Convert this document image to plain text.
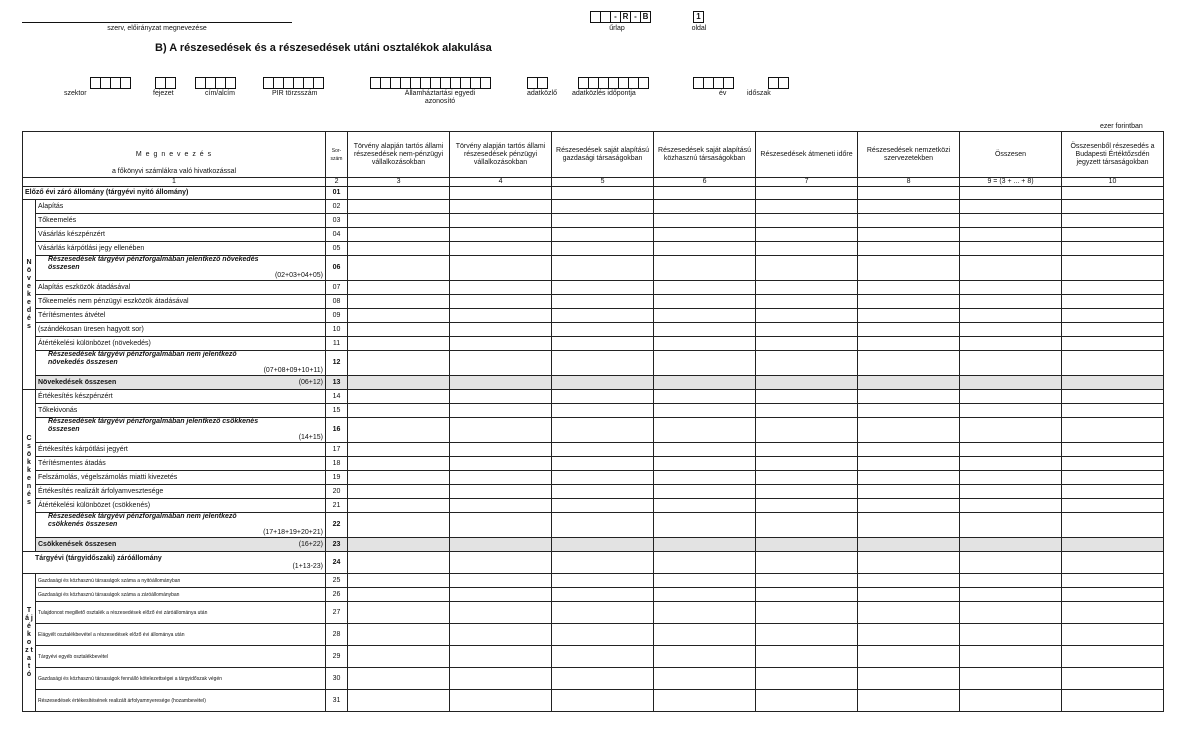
szerv, előirányzat megnevezése
- R - B
űrlap
1
oldal
B) A részesedések és a részesedések utáni osztalékok alakulása
szektor	fejezet	cím/alcím	PIR törzsszám	Államháztartási egyedi azonosító
adatközlő adatközlés időpontja	év	időszak
ezer forintban
M e g n e v e z é s
a főkönyvi számlákra való hivatkozással		Sor-szám	Törvény alapján tartós állami részesedések nem-pénzügyi vállalkozásokban	Törvény alapján tartós állami részesedések pénzügyi vállalkozásokban	Részesedések saját alapítású gazdasági társaságokban	Részesedések saját alapítású közhasznú társaságokban	Részesedések átmeneti időre	Részesedések nemzetközi szervezetekben	Összesen	Összesenből részesedés a Budapesti Értéktőzsdén jegyzett társaságokban

1		2	3	4	5	6	7	8	9 = (3 + ... + 8)	10
Előző évi záró állomány (tárgyévi nyitó állomány)		01								
N ö v e k e d é s	Alapítás	02								
	Tőkeemelés	03								
	Vásárlás készpénzért	04								
	Vásárlás kárpótlási jegy ellenében	05								

	Részesedések tárgyévi pénzforgalmában jelentkező növekedés összesen
(02+03+04+05)	06								
	Alapítás eszközök átadásával	07								
	Tőkeemelés nem pénzügyi eszközök átadásával	08								
	Térítésmentes átvétel	09								
	(szándékosan üresen hagyott sor)	10								
	Átértékelési különbözet (növekedés)	11								

	Részesedések tárgyévi pénzforgalmában nem jelentkező növekedés összesen
(07+08+09+10+11)	12								
	Növekedések összesen (06+12)	13								
C s ö k k e n é s	Értékesítés készpénzért	14								
	Tőkekivonás	15								

	Részesedések tárgyévi pénzforgalmában jelentkező csökkenés összesen
(14+15)	16								
	Értékesítés kárpótlási jegyért	17								
	Térítésmentes átadás	18								
	Felszámolás, végelszámolás miatti kivezetés	19								
	Értékesítés realizált árfolyamvesztesége	20								
	Átértékelési különbözet (csökkenés)	21								

	Részesedések tárgyévi pénzforgalmában nem jelentkező csökkenés összesen
(17+18+19+20+21)	22								
	Csökkenések összesen (16+22)	23								

Tárgyévi (tárgyidőszaki) záróállomány
(1+13-23)		24								
T á j é k o z t a t ó	Gazdasági és közhasznú társaságok száma a nyitóállományban	25								
	Gazdasági és közhasznú társaságok száma a záróállományban	26								
	Tulajdonost megillető osztalék a részesedések előző évi záróállománya után	27								
	Elágyélt osztalékbevétel a részesedések előző évi állománya után	28								
	Tárgyévi egyéb osztalékbevétel	29								
	Gazdasági és közhasznú társaságok fennálló kötelezettségei a tárgyidőszak végén	30								
	Részesedések értékesítésének realizált árfolyamnyeresége (hozambevétel)	31								
